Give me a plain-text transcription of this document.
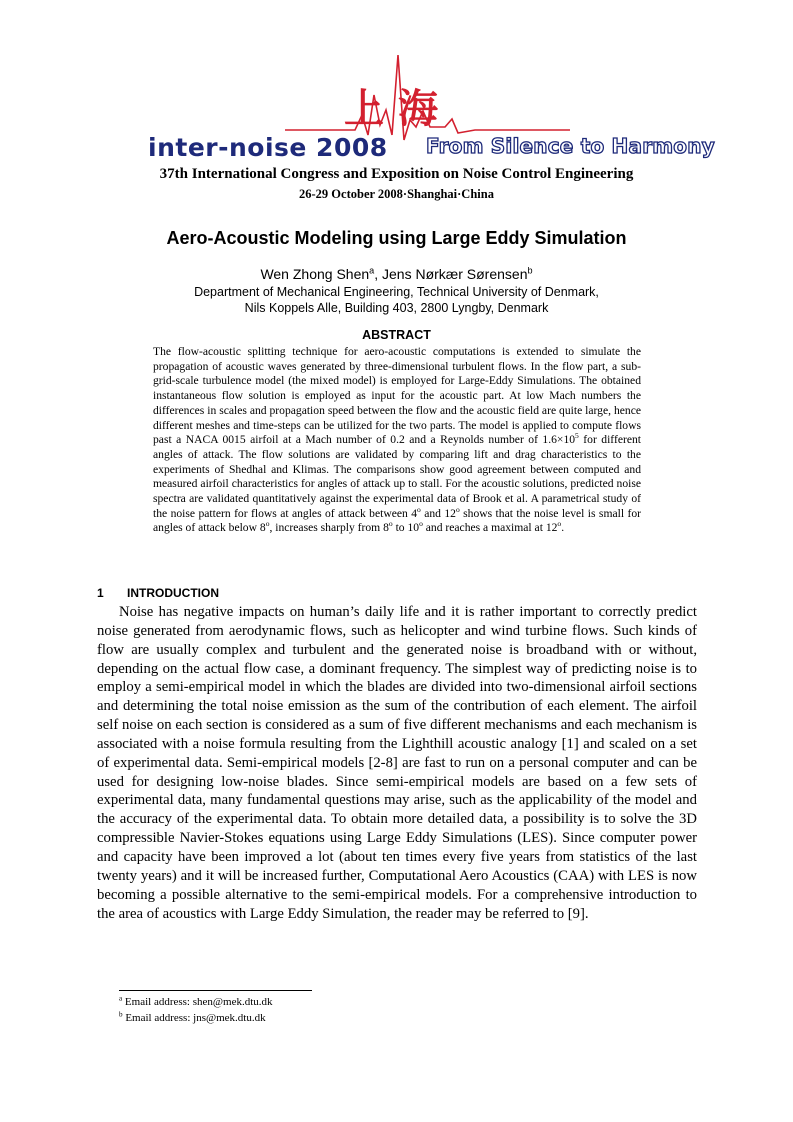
上海
inter-noise 2008 From Silence to Harmony
37th International Congress and Exposition on Noise Control Engineering
26-29 October 2008·Shanghai·China
Aero-Acoustic Modeling using Large Eddy Simulation
Wen Zhong Shen$^a$, Jens Nørkær Sørensen$^b$
Department of Mechanical Engineering, Technical University of Denmark,
Nils Koppels Alle, Building 403, 2800 Lyngby, Denmark
ABSTRACT
The flow-acoustic splitting technique for aero-acoustic computations is extended to simulate the propagation of acoustic waves generated by three-dimensional turbulent flows. In the flow part, a sub-grid-scale turbulence model (the mixed model) is employed for Large-Eddy Simulations. The obtained instantaneous flow solution is employed as input for the acoustic part. At low Mach numbers the differences in scales and propagation speed between the flow and the acoustic field are quite large, hence different meshes and time-steps can be utilized for the two parts. The model is applied to compute flows past a NACA 0015 airfoil at a Mach number of 0.2 and a Reynolds number of $1.6\times 10^5$ for different angles of attack. The flow solutions are validated by comparing lift and drag characteristics to the experiments of Shedhal and Klimas. The comparisons show good agreement between computed and measured airfoil characteristics for angles of attack up to stall. For the acoustic solutions, predicted noise spectra are validated quantitatively against the experimental data of Brook et al. A parametrical study of the noise pattern for flows at angles of attack between 4$^o$ and 12$^o$ shows that the noise level is small for angles of attack below 8$^o$, increases sharply from 8$^o$ to 10$^o$ and reaches a maximal at 12$^o$.
1 INTRODUCTION
Noise has negative impacts on human’s daily life and it is rather important to correctly predict noise generated from aerodynamic flows, such as helicopter and wind turbine flows. Such kinds of flow are usually complex and turbulent and the generated noise is broadband with or without, depending on the actual flow case, a dominant frequency. The simplest way of predicting noise is to employ a semi-empirical model in which the blades are divided into two-dimensional airfoil sections and determining the total noise emission as the sum of the contribution of each element. The airfoil self noise on each section is considered as a sum of five different mechanisms and each mechanism is associated with a noise formula resulting from the Lighthill acoustic analogy [1] and scaled on a set of experimental data. Semi-empirical models [2-8] are fast to run on a personal computer and can be used for designing low-noise blades. Since semi-empirical models are based on a few sets of experimental data, many fundamental questions may arise, such as the applicability of the model and the accuracy of the experimental data. To obtain more detailed data, a possibility is to solve the 3D compressible Navier-Stokes equations using Large Eddy Simulations (LES). Since computer power and capacity have been improved a lot (about ten times every five years from statistics of the last twenty years) and it will be increased further, Computational Aero Acoustics (CAA) with LES is now becoming a possible alternative to the semi-empirical models. For a comprehensive introduction to the area of acoustics with Large Eddy Simulation, the reader may be referred to [9].
$^a$ Email address: shen@mek.dtu.dk
$^b$ Email address: jns@mek.dtu.dk
